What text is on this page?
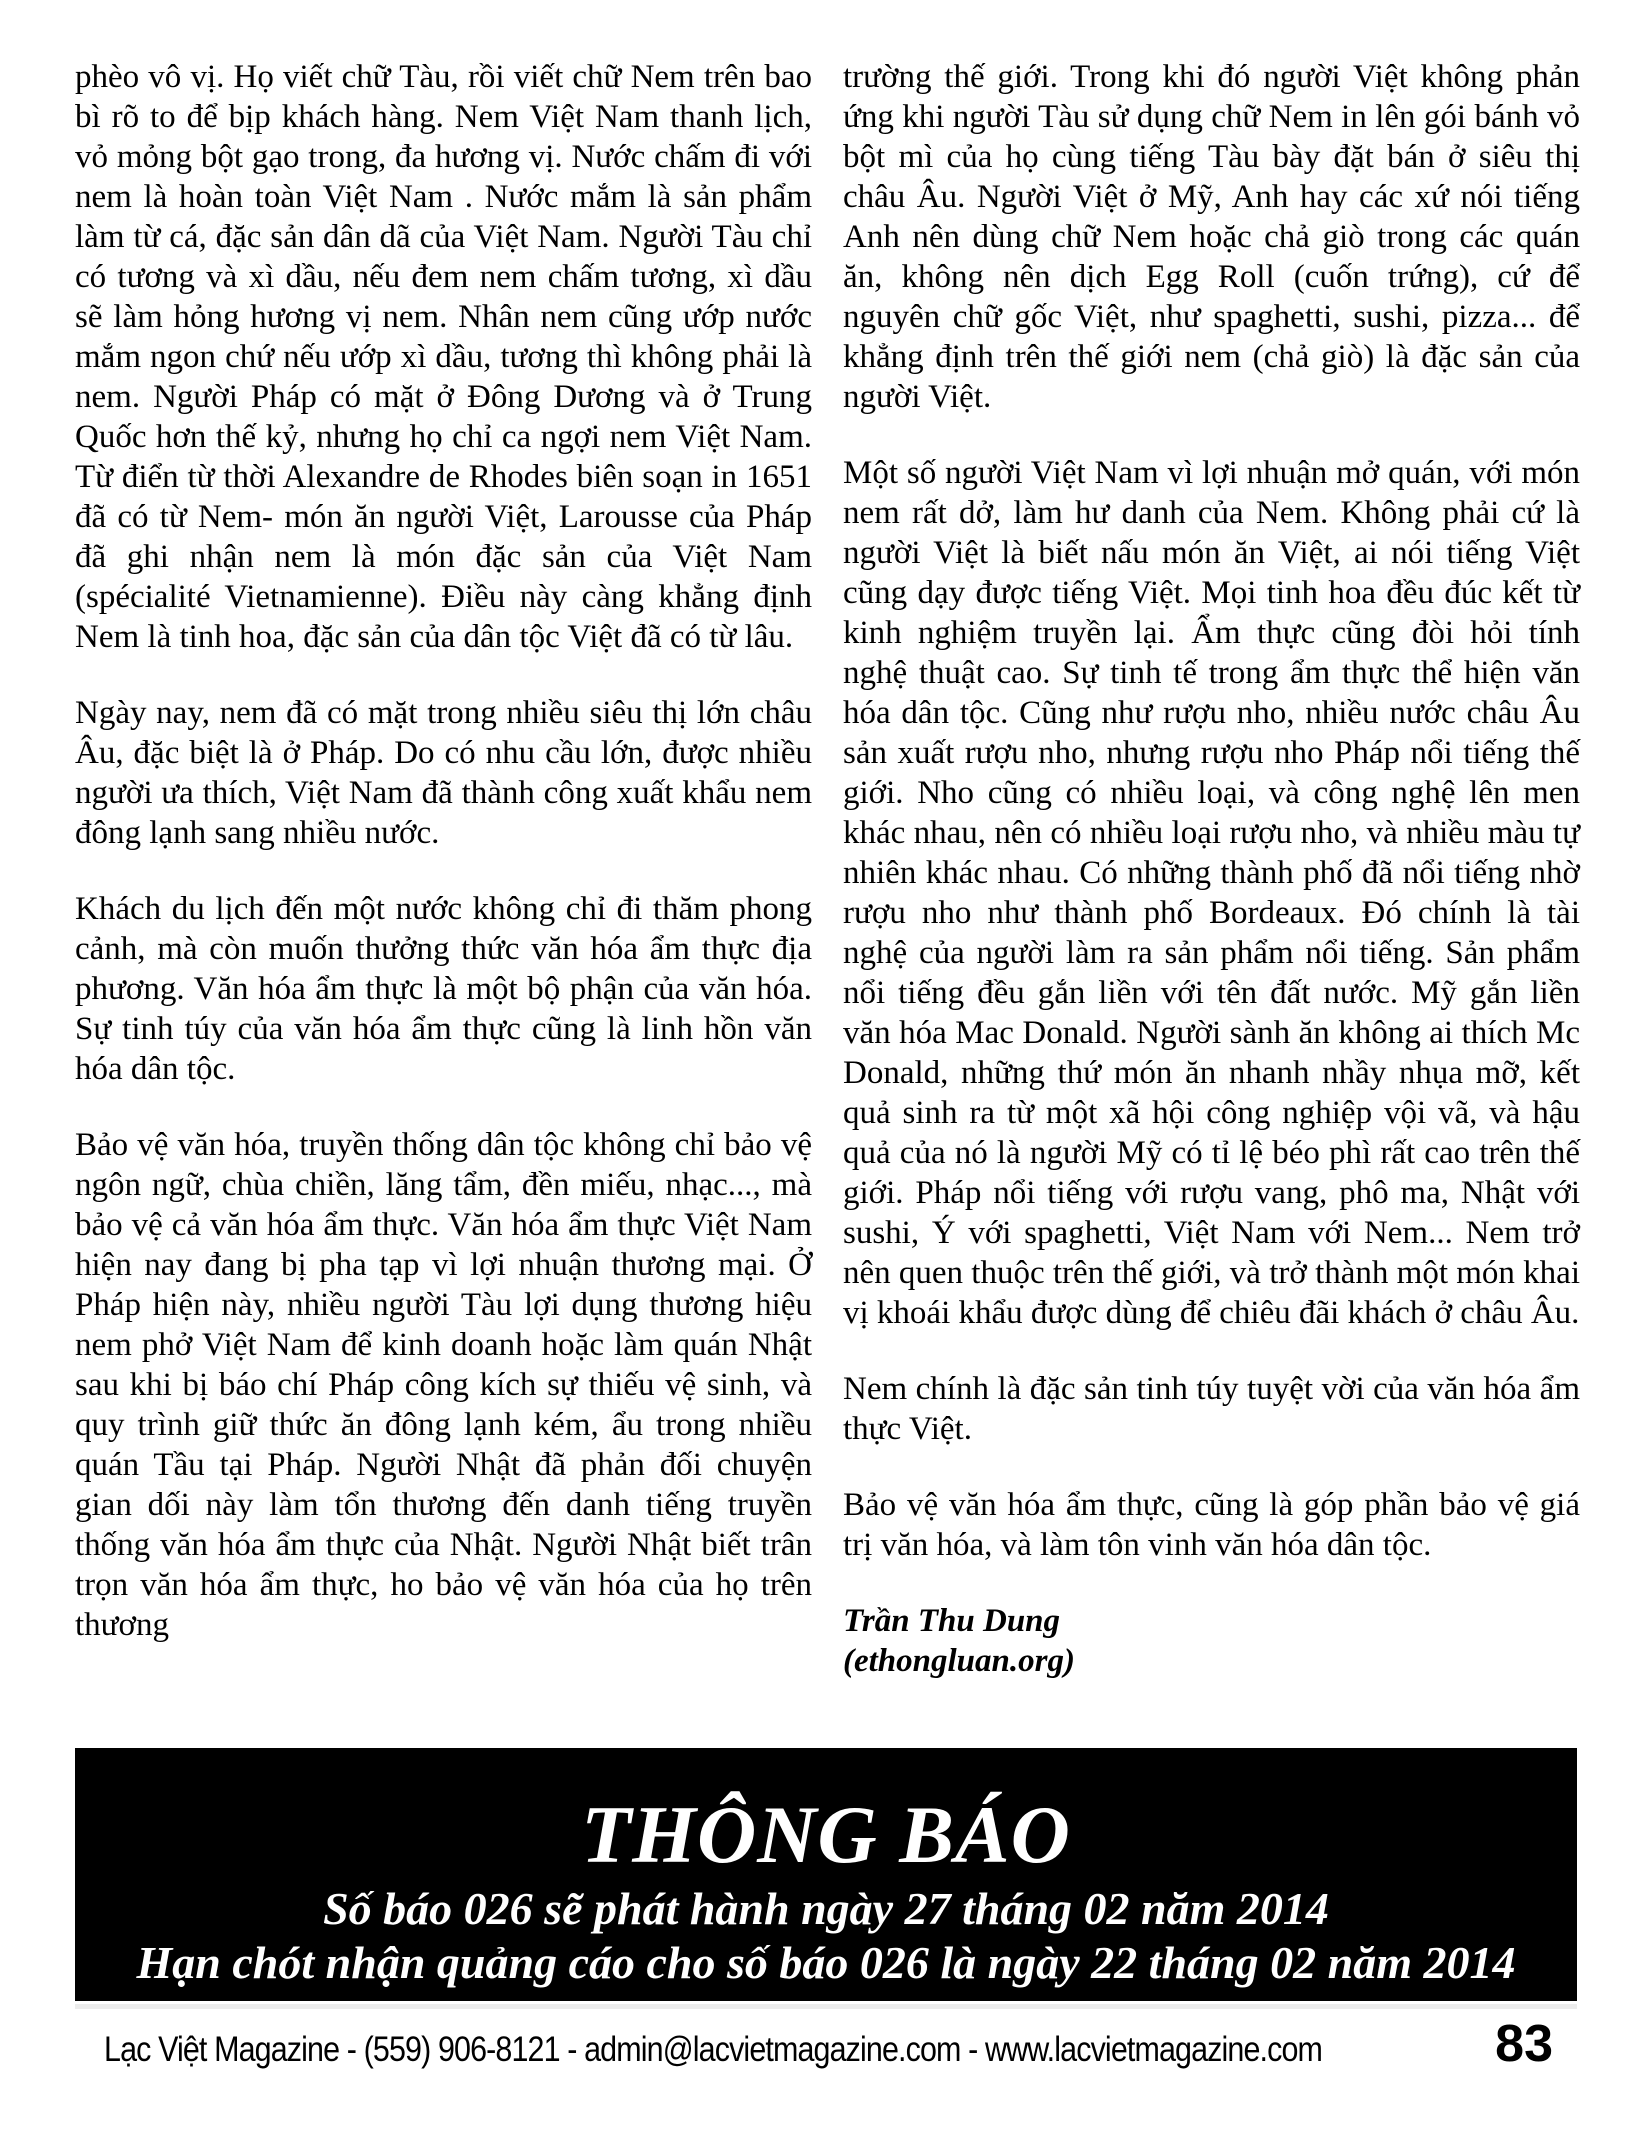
phèo vô vị. Họ viết chữ Tàu, rồi viết chữ Nem trên bao bì rõ to để bịp khách hàng. Nem Việt Nam thanh lịch, vỏ mỏng bột gạo trong, đa hương vị. Nước chấm đi với nem là hoàn toàn Việt Nam . Nước mắm là sản phẩm làm từ cá, đặc sản dân dã của Việt Nam. Người Tàu chỉ có tương và xì dầu, nếu đem nem chấm tương, xì dầu sẽ làm hỏng hương vị nem. Nhân nem cũng ướp nước mắm ngon chứ nếu ướp xì dầu, tương thì không phải là nem. Người Pháp có mặt ở Đông Dương và ở Trung Quốc hơn thế kỷ, nhưng họ chỉ ca ngợi nem Việt Nam. Từ điển từ thời Alexandre de Rhodes biên soạn in 1651 đã có từ Nem- món ăn người Việt, Larousse của Pháp đã ghi nhận nem là món đặc sản của Việt Nam (spécialité Vietnamienne). Điều này càng khẳng định Nem là tinh hoa, đặc sản của dân tộc Việt đã có từ lâu.

Ngày nay, nem đã có mặt trong nhiều siêu thị lớn châu Âu, đặc biệt là ở Pháp. Do có nhu cầu lớn, được nhiều người ưa thích, Việt Nam đã thành công xuất khẩu nem đông lạnh sang nhiều nước.

Khách du lịch đến một nước không chỉ đi thăm phong cảnh, mà còn muốn thưởng thức văn hóa ẩm thực địa phương. Văn hóa ẩm thực là một bộ phận của văn hóa. Sự tinh túy của văn hóa ẩm thực cũng là linh hồn văn hóa dân tộc.

Bảo vệ văn hóa, truyền thống dân tộc không chỉ bảo vệ ngôn ngữ, chùa chiền, lăng tẩm, đền miếu, nhạc..., mà bảo vệ cả văn hóa ẩm thực. Văn hóa ẩm thực Việt Nam hiện nay đang bị pha tạp vì lợi nhuận thương mại. Ở Pháp hiện này, nhiều người Tàu lợi dụng thương hiệu nem phở Việt Nam để kinh doanh hoặc làm quán Nhật sau khi bị báo chí Pháp công kích sự thiếu vệ sinh, và quy trình giữ thức ăn đông lạnh kém, ẩu trong nhiều quán Tầu tại Pháp. Người Nhật đã phản đối chuyện gian dối này làm tổn thương đến danh tiếng truyền thống văn hóa ẩm thực của Nhật. Người Nhật biết trân trọn văn hóa ẩm thực, ho bảo vệ văn hóa của họ trên thương

trường thế giới. Trong khi đó người Việt không phản ứng khi người Tàu sử dụng chữ Nem in lên gói bánh vỏ bột mì của họ cùng tiếng Tàu bày đặt bán ở siêu thị châu Âu. Người Việt ở Mỹ, Anh hay các xứ nói tiếng Anh nên dùng chữ Nem hoặc chả giò trong các quán ăn, không nên dịch Egg Roll (cuốn trứng), cứ để nguyên chữ gốc Việt, như spaghetti, sushi, pizza... để khẳng định trên thế giới nem (chả giò) là đặc sản của người Việt.

Một số người Việt Nam vì lợi nhuận mở quán, với món nem rất dở, làm hư danh của Nem. Không phải cứ là người Việt là biết nấu món ăn Việt, ai nói tiếng Việt cũng dạy được tiếng Việt. Mọi tinh hoa đều đúc kết từ kinh nghiệm truyền lại. Ẩm thực cũng đòi hỏi tính nghệ thuật cao. Sự tinh tế trong ẩm thực thể hiện văn hóa dân tộc. Cũng như rượu nho, nhiều nước châu Âu sản xuất rượu nho, nhưng rượu nho Pháp nổi tiếng thế giới. Nho cũng có nhiều loại, và công nghệ lên men khác nhau, nên có nhiều loại rượu nho, và nhiều màu tự nhiên khác nhau. Có những thành phố đã nổi tiếng nhờ rượu nho như thành phố Bordeaux. Đó chính là tài nghệ của người làm ra sản phẩm nổi tiếng. Sản phẩm nổi tiếng đều gắn liền với tên đất nước. Mỹ gắn liền văn hóa Mac Donald. Người sành ăn không ai thích Mc Donald, những thứ món ăn nhanh nhầy nhụa mỡ, kết quả sinh ra từ một xã hội công nghiệp vội vã, và hậu quả của nó là người Mỹ có tỉ lệ béo phì rất cao trên thế giới. Pháp nổi tiếng với rượu vang, phô ma, Nhật với sushi, Ý với spaghetti, Việt Nam với Nem... Nem trở nên quen thuộc trên thế giới, và trở thành một món khai vị khoái khẩu được dùng để chiêu đãi khách ở châu Âu.

Nem chính là đặc sản tinh túy tuyệt vời của văn hóa ẩm thực Việt.

Bảo vệ văn hóa ẩm thực, cũng là góp phần bảo vệ giá trị văn hóa, và làm tôn vinh văn hóa dân tộc.

Trần Thu Dung

(ethongluan.org)

THÔNG BÁO
Số báo 026 sẽ phát hành ngày 27 tháng 02 năm 2014
Hạn chót nhận quảng cáo cho số báo 026 là ngày 22 tháng 02 năm 2014
Lạc Việt Magazine - (559) 906-8121 - admin@lacvietmagazine.com - www.lacvietmagazine.com	83
